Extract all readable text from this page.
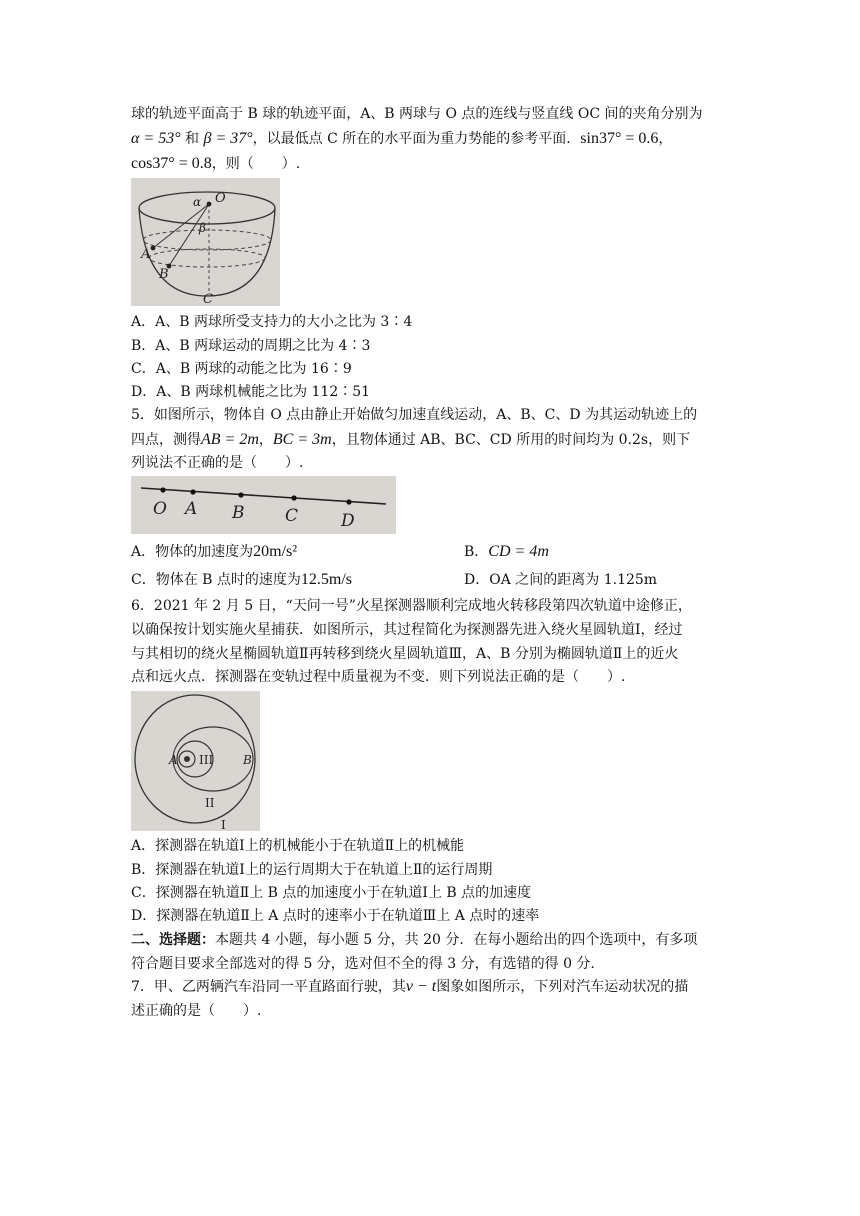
球的轨迹平面高于 B 球的轨迹平面，A、B 两球与 O 点的连线与竖直线 OC 间的夹角分别为
α = 53° 和 β = 37°，以最低点 C 所在的水平面为重力势能的参考平面．sin37° = 0.6，
cos37° = 0.8，则（　　）.
α O
β
A
B
C
A．A、B 两球所受支持力的大小之比为 3∶4
B．A、B 两球运动的周期之比为 4∶3
C．A、B 两球的动能之比为 16∶9
D．A、B 两球机械能之比为 112∶51
5．如图所示，物体自 O 点由静止开始做匀加速直线运动，A、B、C、D 为其运动轨迹上的
四点，测得AB = 2m，BC = 3m，且物体通过 AB、BC、CD 所用的时间均为 0.2s，则下
列说法不正确的是（　　）.
O A B C	D
A．物体的加速度为20m/s²	B．CD = 4m
C．物体在 B 点时的速度为12.5m/s	D．OA 之间的距离为 1.125m
6．2021 年 2 月 5 日，“天问一号”火星探测器顺利完成地火转移段第四次轨道中途修正，
以确保按计划实施火星捕获．如图所示，其过程简化为探测器先进入绕火星圆轨道Ⅰ，经过
与其相切的绕火星椭圆轨道Ⅱ再转移到绕火星圆轨道Ⅲ，A、B 分别为椭圆轨道Ⅱ上的近火
点和远火点．探测器在变轨过程中质量视为不变．则下列说法正确的是（　　）.
A III B
II
I
A．探测器在轨道Ⅰ上的机械能小于在轨道Ⅱ上的机械能
B．探测器在轨道Ⅰ上的运行周期大于在轨道上Ⅱ的运行周期
C．探测器在轨道Ⅱ上 B 点的加速度小于在轨道Ⅰ上 B 点的加速度
D．探测器在轨道Ⅱ上 A 点时的速率小于在轨道Ⅲ上 A 点时的速率
二、选择题：本题共 4 小题，每小题 5 分，共 20 分．在每小题给出的四个选项中，有多项
符合题目要求全部选对的得 5 分，选对但不全的得 3 分，有选错的得 0 分.
7．甲、乙两辆汽车沿同一平直路面行驶，其v − t图象如图所示，下列对汽车运动状况的描
述正确的是（　　）.
